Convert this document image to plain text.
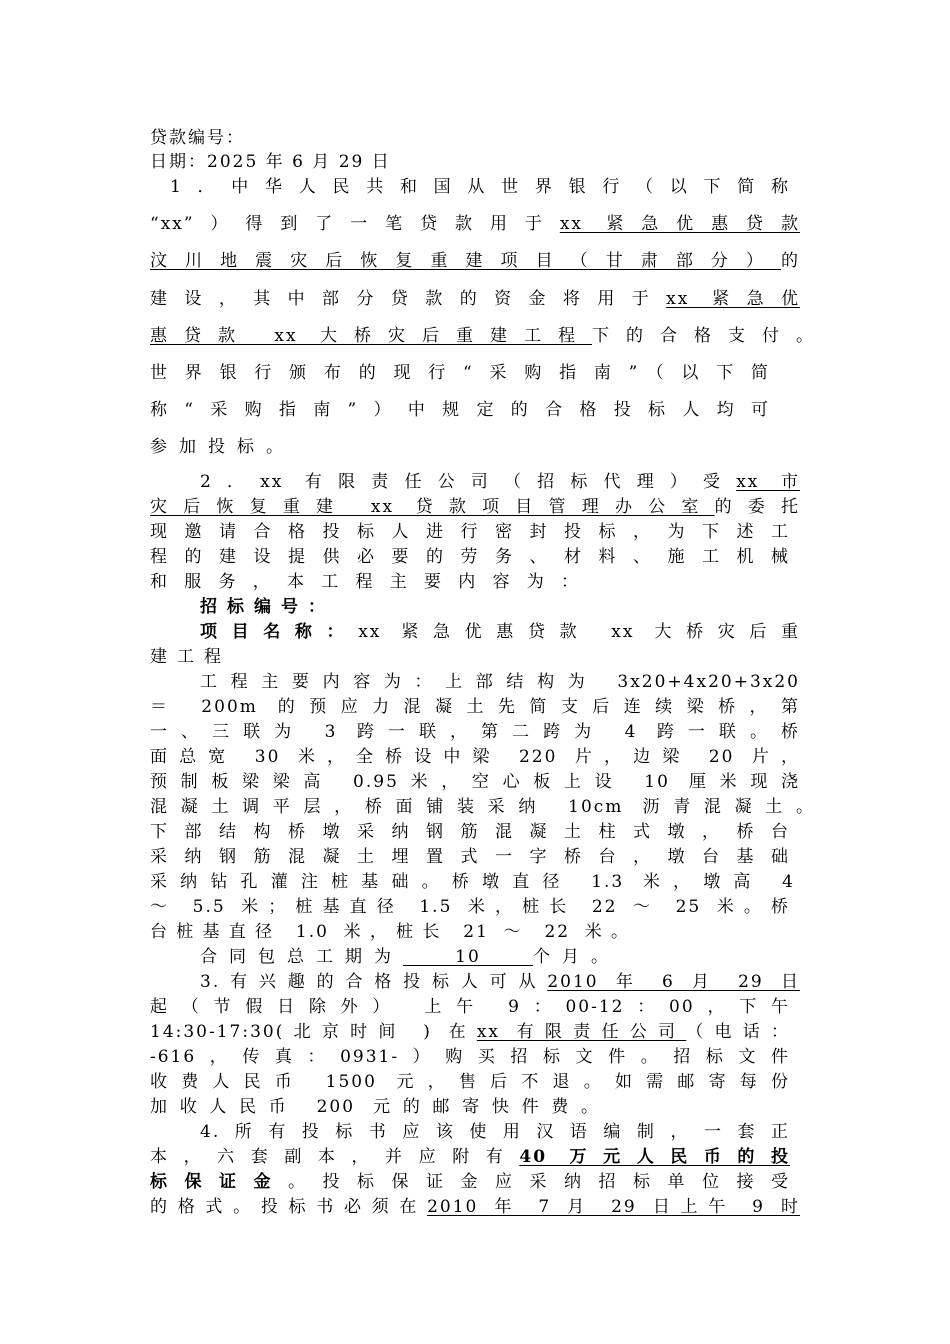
贷款编号：
日期：2025 年 6 月 29 日
1．中华人民共和国从世界银行（以下简称
“xx”）得到了一笔贷款用于xx 紧急优惠贷款
汶川地震灾后恢复重建项目（甘肃部分）的
建设，其中部分贷款的资金将用于xx 紧急优
惠贷款 xx 大桥灾后重建工程下的合格支付。
世界银行颁布的现行“采购指南”（以下简
称“采购指南”）中规定的合格投标人均可
参加投标。
2．xx 有限责任公司（招标代理）受xx 市
灾后恢复重建 xx 贷款项目管理办公室的委托
现邀请合格投标人进行密封投标，为下述工
程的建设提供必要的劳务、材料、施工机械
和服务，本工程主要内容为：
招标编号：
项目名称：xx 紧急优惠贷款 xx 大桥灾后重
建工程
工程主要内容为：上部结构为 3x20+4x20+3x20
＝ 200m 的预应力混凝土先简支后连续梁桥，第
一、三联为 3 跨一联，第二跨为 4 跨一联。桥
面总宽 30 米，全桥设中梁 220 片，边梁 20 片，
预制板梁梁高 0.95米，空心板上设 10 厘米现浇
混凝土调平层，桥面铺装采纳 10cm 沥青混凝土。
下部结构桥墩采纳钢筋混凝土柱式墩，桥台
采纳钢筋混凝土埋置式一字桥台，墩台基础
采纳钻孔灌注桩基础。桥墩直径 1.3 米，墩高 4
～ 5.5 米；桩基直径 1.5 米，桩长 22 ～ 25 米。桥
台桩基直径 1.0 米，桩长 21 ～ 22 米。
合同包总工期为   10   个月。
3.有兴趣的合格投标人可从2010 年 6 月 29 日
起（节假日除外） 上午 9：00-12：00，下午
14:30-17:30(北京时间 ) 在xx 有限责任公司（电话：
-616，传真：0931-）购买招标文件。招标文件
收费人民币 1500 元，售后不退。如需邮寄每份
加收人民币 200 元的邮寄快件费。
4.所有投标书应该使用汉语编制，一套正
本，六套副本，并应附有40 万元人民币的投
标保证金。投标保证金应采纳招标单位接受
的格式。投标书必须在2010 年 7 月 29 日上午 9 时
